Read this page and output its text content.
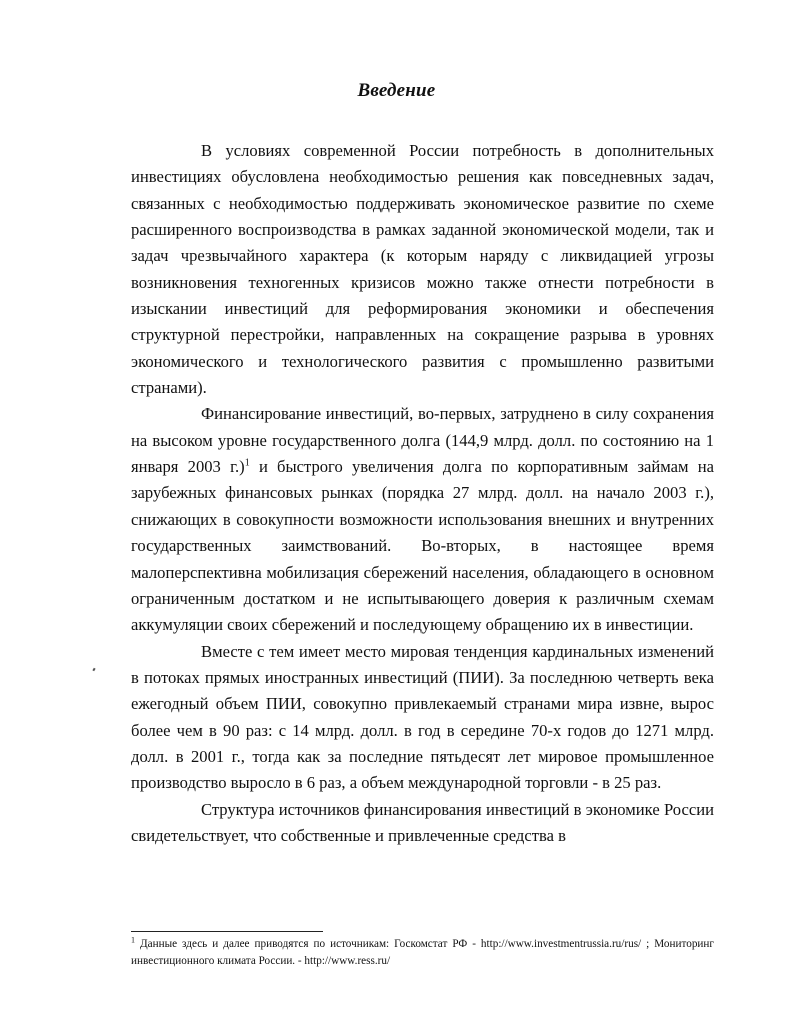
Введение

В условиях современной России потребность в дополнительных инвестициях обусловлена необходимостью решения как повседневных задач, связанных с необходимостью поддерживать экономическое развитие по схеме расширенного воспроизводства в рамках заданной экономической модели, так и задач чрезвычайного характера (к которым наряду с ликвидацией угрозы возникновения техногенных кризисов можно также отнести потребности в изыскании инвестиций для реформирования экономики и обеспечения структурной перестройки, направленных на сокращение разрыва в уровнях экономического и технологического развития с промышленно развитыми странами).

Финансирование инвестиций, во-первых, затруднено в силу сохранения на высоком уровне государственного долга (144,9 млрд. долл. по состоянию на 1 января 2003 г.)$^1$ и быстрого увеличения долга по корпоративным займам на зарубежных финансовых рынках (порядка 27 млрд. долл. на начало 2003 г.), снижающих в совокупности возможности использования внешних и внутренних государственных заимствований. Во-вторых, в настоящее время малоперспективна мобилизация сбережений населения, обладающего в основном ограниченным достатком и не испытывающего доверия к различным схемам аккумуляции своих сбережений и последующему обращению их в инвестиции.

Вместе с тем имеет место мировая тенденция кардинальных изменений в потоках прямых иностранных инвестиций (ПИИ). За последнюю четверть века ежегодный объем ПИИ, совокупно привлекаемый странами мира извне, вырос более чем в 90 раз: с 14 млрд. долл. в год в середине 70-х годов до 1271 млрд. долл. в 2001 г., тогда как за последние пятьдесят лет мировое промышленное производство выросло в 6 раз, а объем международной торговли - в 25 раз.

Структура источников финансирования инвестиций в экономике России свидетельствует, что собственные и привлеченные средства в

$^1$ Данные здесь и далее приводятся по источникам: Госкомстат РФ - http://www.investmentrussia.ru/rus/ ; Мониторинг инвестиционного климата России. - http://www.ress.ru/
